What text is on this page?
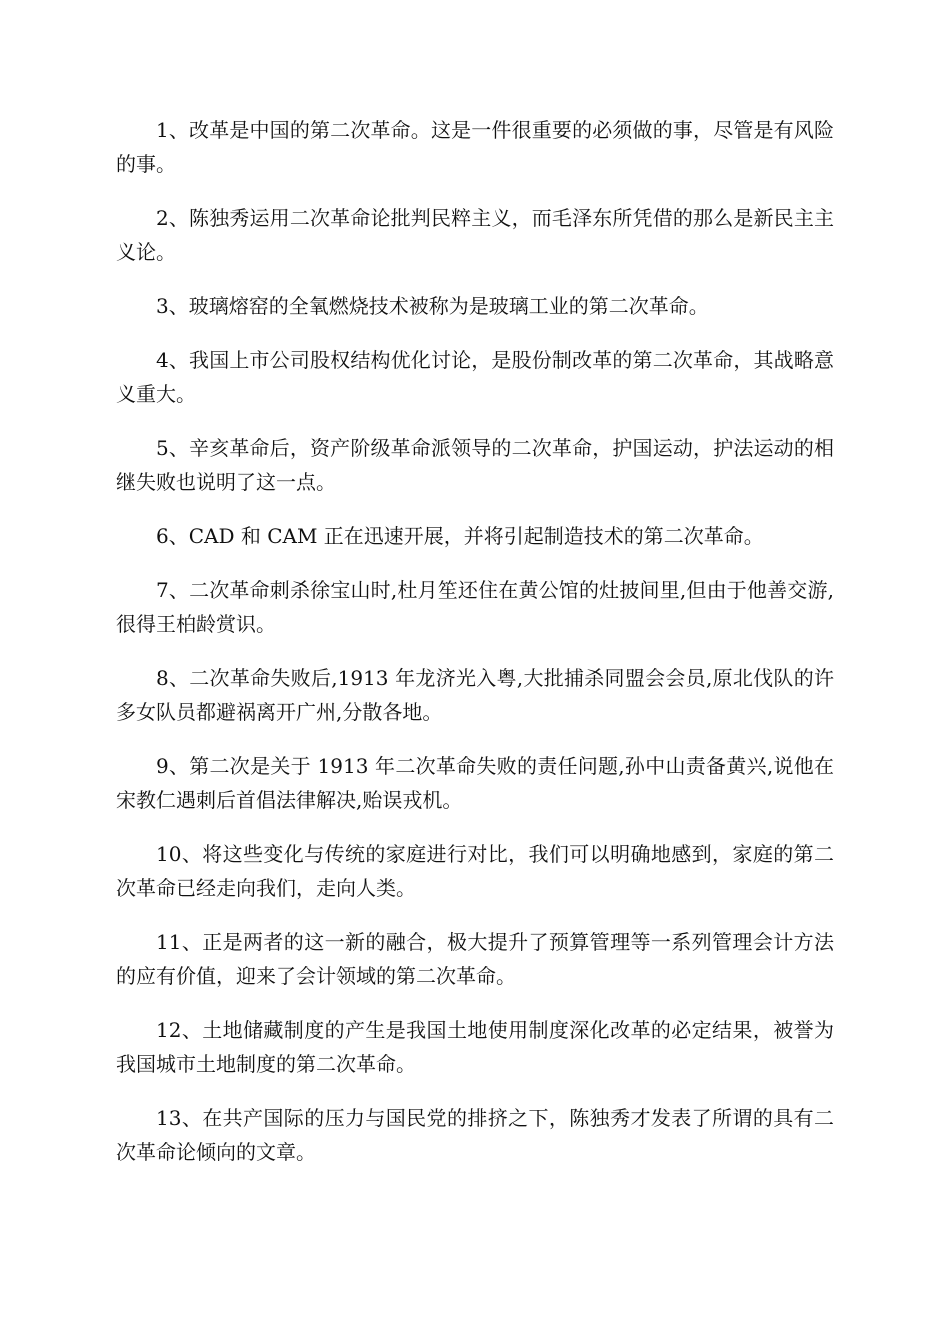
1、改革是中国的第二次革命。这是一件很重要的必须做的事，尽管是有风险的事。

2、陈独秀运用二次革命论批判民粹主义，而毛泽东所凭借的那么是新民主主义论。

3、玻璃熔窑的全氧燃烧技术被称为是玻璃工业的第二次革命。

4、我国上市公司股权结构优化讨论，是股份制改革的第二次革命，其战略意义重大。

5、辛亥革命后，资产阶级革命派领导的二次革命，护国运动，护法运动的相继失败也说明了这一点。

6、CAD 和 CAM 正在迅速开展，并将引起制造技术的第二次革命。

7、二次革命刺杀徐宝山时,杜月笙还住在黄公馆的灶披间里,但由于他善交游,很得王柏龄赏识。

8、二次革命失败后,1913 年龙济光入粤,大批捕杀同盟会会员,原北伐队的许多女队员都避祸离开广州,分散各地。

9、第二次是关于 1913 年二次革命失败的责任问题,孙中山责备黄兴,说他在宋教仁遇刺后首倡法律解决,贻误戎机。

10、将这些变化与传统的家庭进行对比，我们可以明确地感到，家庭的第二次革命已经走向我们，走向人类。

11、正是两者的这一新的融合，极大提升了预算管理等一系列管理会计方法的应有价值，迎来了会计领域的第二次革命。

12、土地储藏制度的产生是我国土地使用制度深化改革的必定结果，被誉为我国城市土地制度的第二次革命。

13、在共产国际的压力与国民党的排挤之下，陈独秀才发表了所谓的具有二次革命论倾向的文章。
